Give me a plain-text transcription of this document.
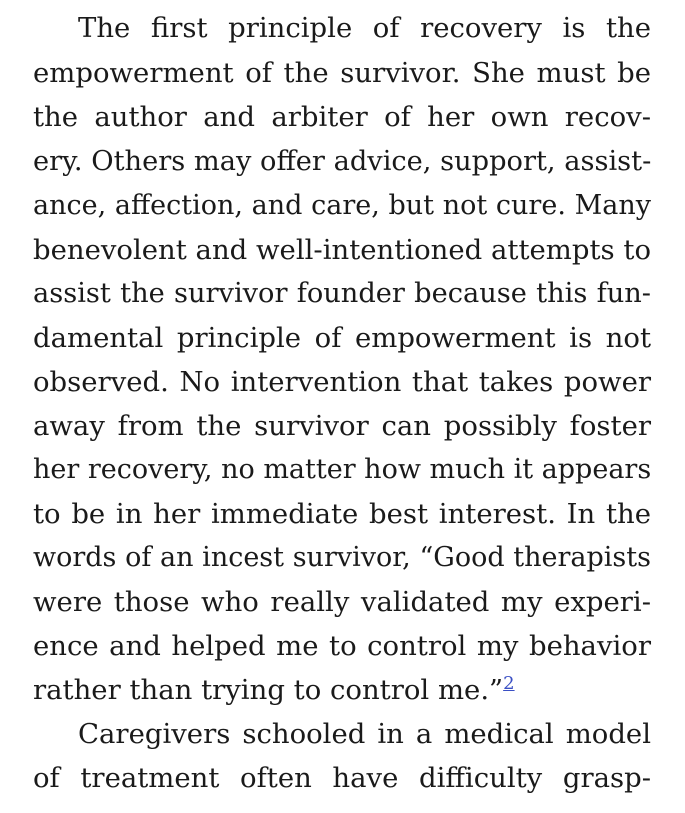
The first principle of recovery is the
empowerment of the survivor. She must be
the author and arbiter of her own recov-
ery. Others may offer advice, support, assist-
ance, affection, and care, but not cure. Many
benevolent and well-intentioned attempts to
assist the survivor founder because this fun-
damental principle of empowerment is not
observed. No intervention that takes power
away from the survivor can possibly foster
her recovery, no matter how much it appears
to be in her immediate best interest. In the
words of an incest survivor, “Good therapists
were those who really validated my experi-
ence and helped me to control my behavior
rather than trying to control me.”$^2$
Caregivers schooled in a medical model
of treatment often have difficulty grasp-
